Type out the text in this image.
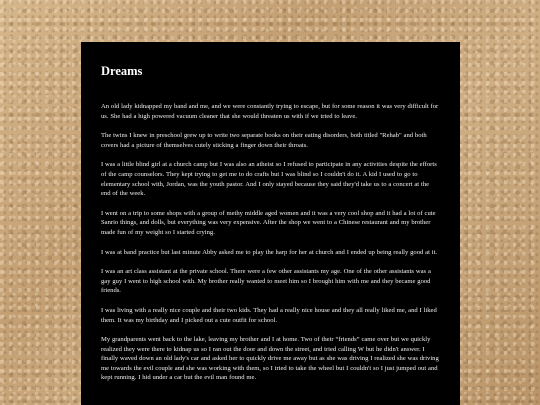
Dreams

An old lady kidnapped my band and me, and we were constantly trying to escape, but for some reason it was very difficult for us. She had a high powered vacuum cleaner that she would threaten us with if we tried to leave.

The twins I knew in preschool grew up to write two separate books on their eating disorders, both titled "Rehab" and both covers had a picture of themselves cutely sticking a finger down their throats.

I was a little blind girl at a church camp but I was also an atheist so I refused to participate in any activities despite the efforts of the camp counselors. They kept trying to get me to do crafts but I was blind so I couldn't do it. A kid I used to go to elementary school with, Jordan, was the youth pastor. And I only stayed because they said they'd take us to a concert at the end of the week.

I went on a trip to some shops with a group of methy middle aged women and it was a very cool shop and it had a lot of cute Sanrio things, and dolls, but everything was very expensive. After the shop we went to a Chinese restaurant and my brother made fun of my weight so I started crying.

I was at band practice but last minute Abby asked me to play the harp for her at church and I ended up being really good at it.

I was an art class assistant at the private school. There were a few other assistants my age. One of the other assistants was a gay guy I went to high school with. My brother really wanted to meet him so I brought him with me and they became good friends.

I was living with a really nice couple and their two kids. They had a really nice house and they all really liked me, and I liked them. It was my birthday and I picked out a cute outfit for school.

My grandparents went back to the lake, leaving my brother and I at home. Two of their “friends” came over but we quickly realized they were there to kidnap us so I ran out the door and down the street, and tried calling W but he didn't answer. I finally waved down an old lady's car and asked her to quickly drive me away but as she was driving I realized she was driving me towards the evil couple and she was working with them, so I tried to take the wheel but I couldn't so I just jumped out and kept running. I hid under a car but the evil man found me.
